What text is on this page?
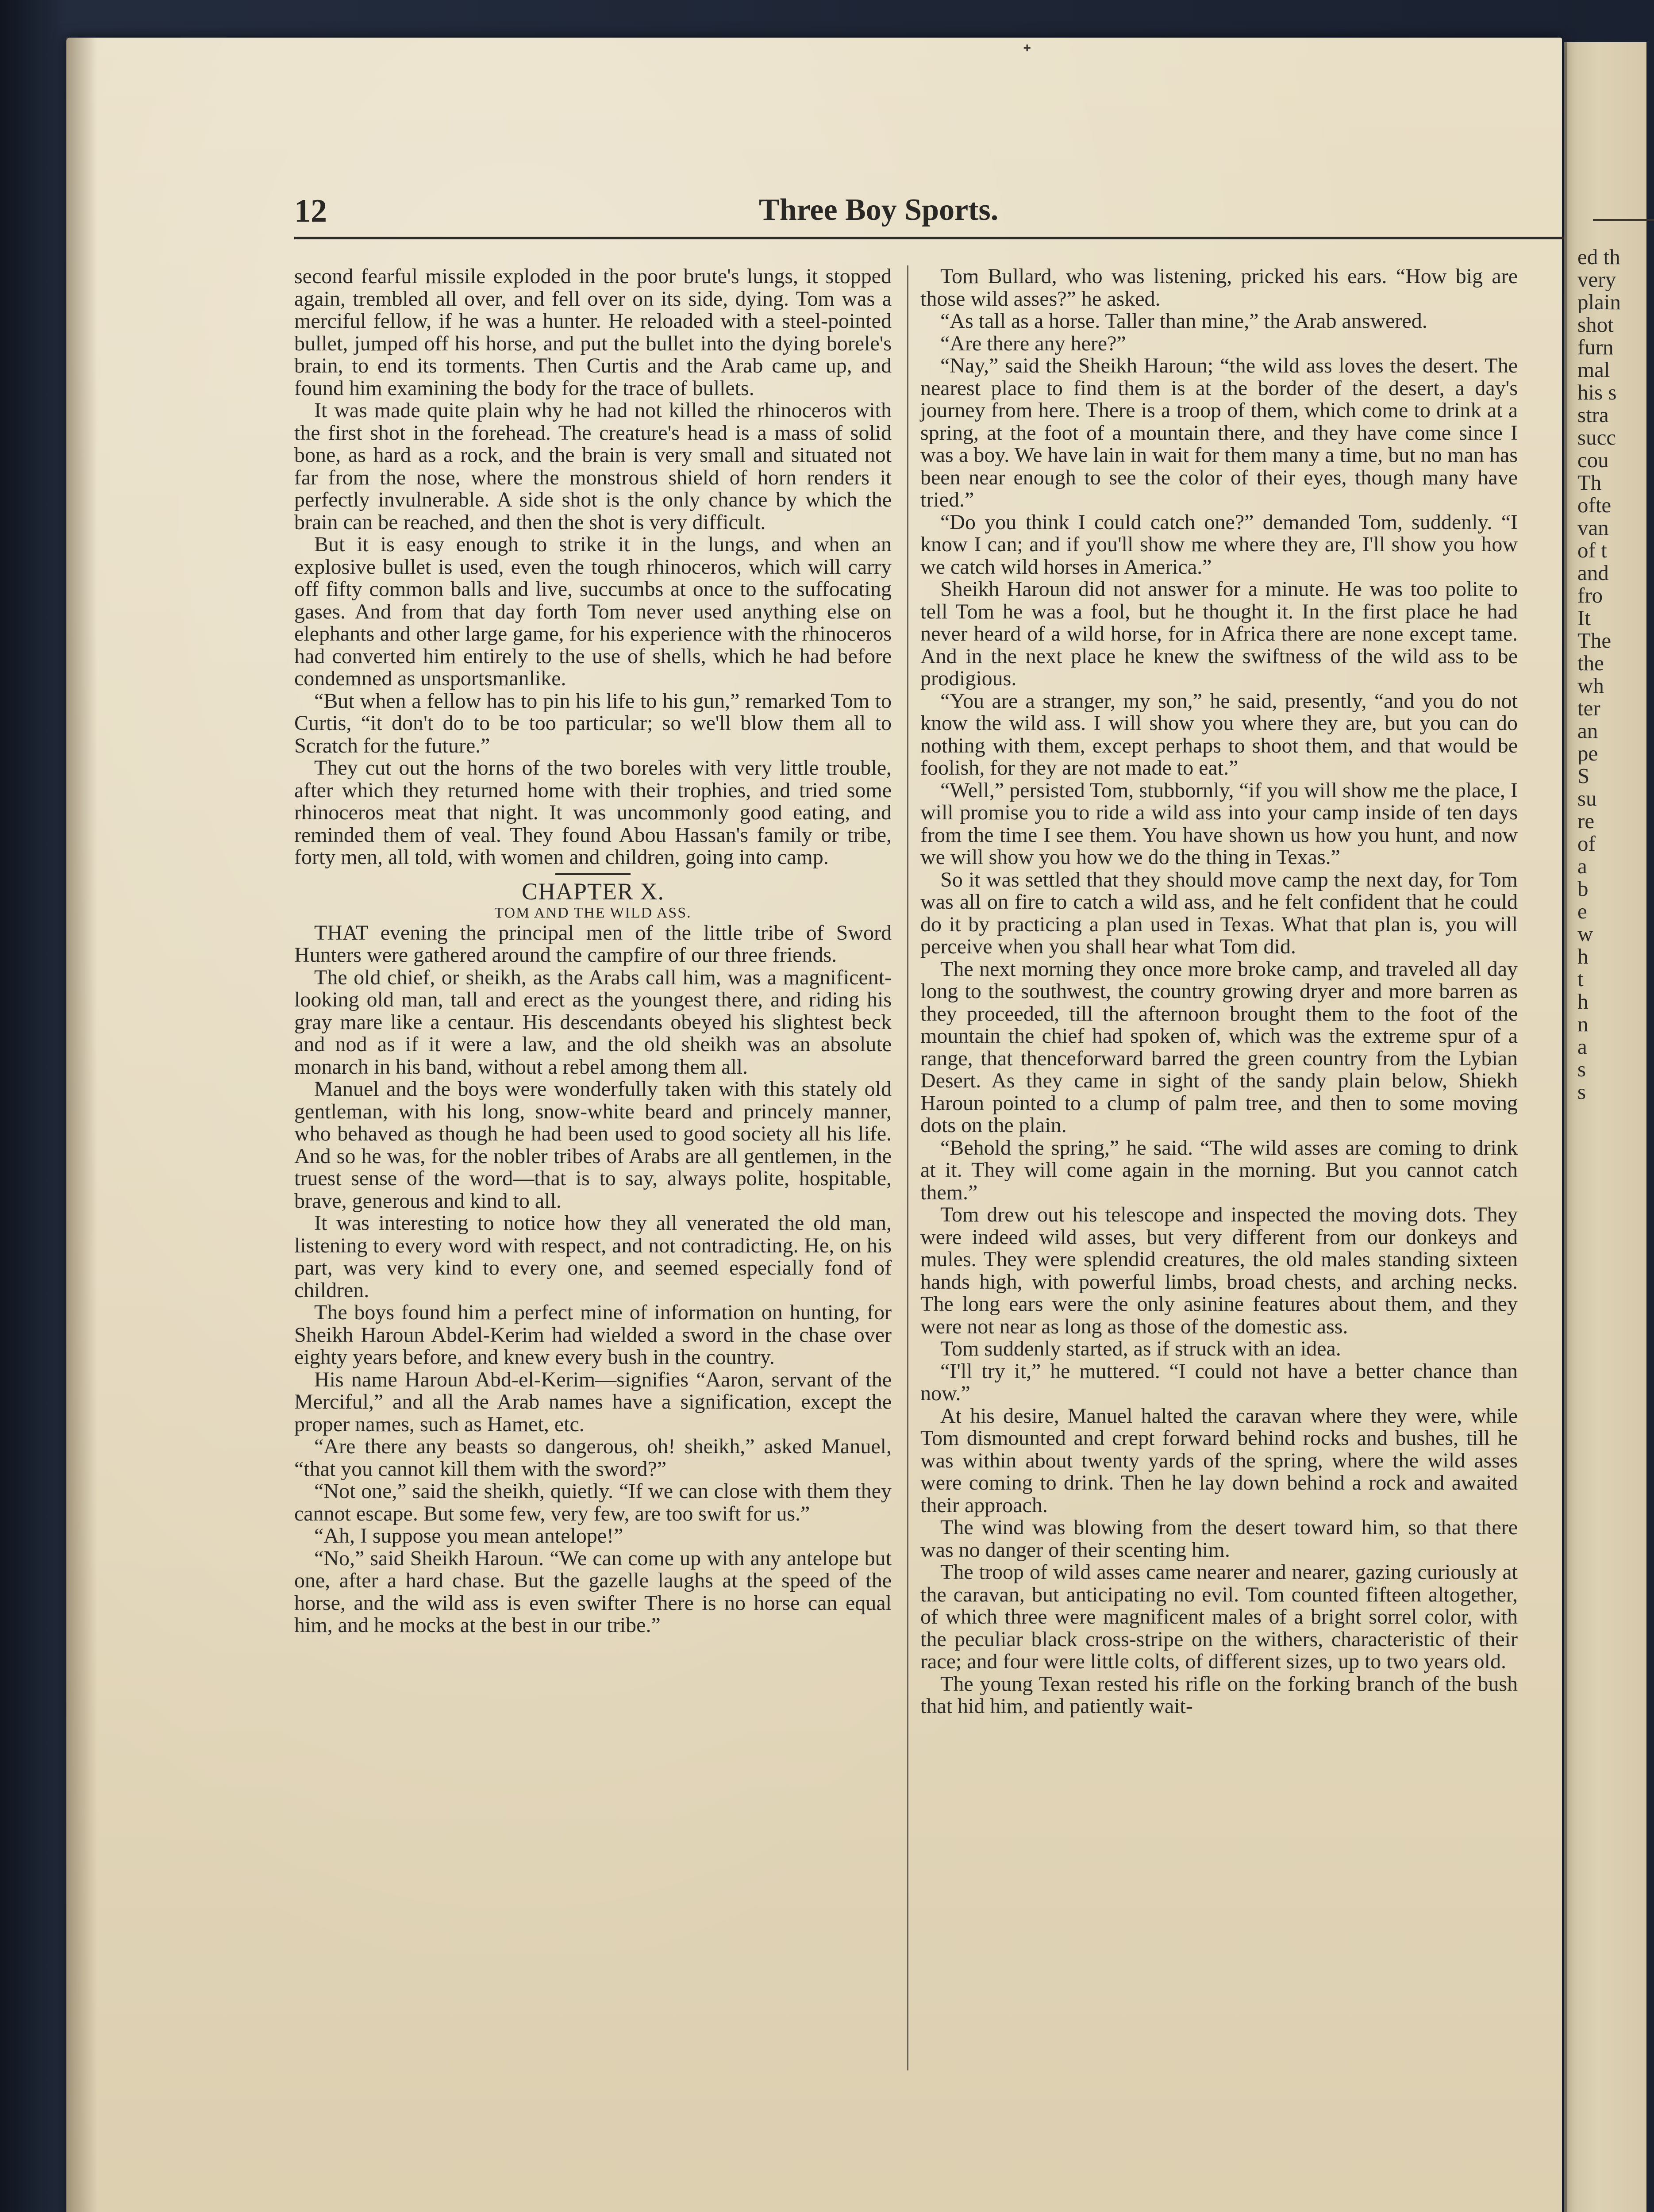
ed th
very
plain
shot
furn
mal
his s
stra
succ
cou
Th
ofte
van
of t
and
fro
It
The
the
wh
ter
an
pe
S
su
re
of
a
b
e
w
h
t
h
n
a
s
s
ᐩ
12	Three Boy Sports.

second fearful missile exploded in the poor brute's lungs, it stopped again, trembled all over, and fell over on its side, dying. Tom was a merciful fellow, if he was a hunter. He reloaded with a steel-pointed bullet, jumped off his horse, and put the bullet into the dying borele's brain, to end its torments. Then Curtis and the Arab came up, and found him examining the body for the trace of bullets.

It was made quite plain why he had not killed the rhinoceros with the first shot in the forehead. The creature's head is a mass of solid bone, as hard as a rock, and the brain is very small and situated not far from the nose, where the monstrous shield of horn renders it perfectly invulnerable. A side shot is the only chance by which the brain can be reached, and then the shot is very difficult.

But it is easy enough to strike it in the lungs, and when an explosive bullet is used, even the tough rhinoceros, which will carry off fifty common balls and live, succumbs at once to the suffocating gases. And from that day forth Tom never used anything else on elephants and other large game, for his experience with the rhinoceros had converted him entirely to the use of shells, which he had before condemned as unsportsmanlike.

“But when a fellow has to pin his life to his gun,” remarked Tom to Curtis, “it don't do to be too particular; so we'll blow them all to Scratch for the future.”

They cut out the horns of the two boreles with very little trouble, after which they returned home with their trophies, and tried some rhinoceros meat that night. It was uncommonly good eating, and reminded them of veal. They found Abou Hassan's family or tribe, forty men, all told, with women and children, going into camp.

CHAPTER X.
TOM AND THE WILD ASS.

THAT evening the principal men of the little tribe of Sword Hunters were gathered around the campfire of our three friends.

The old chief, or sheikh, as the Arabs call him, was a magnificent-looking old man, tall and erect as the youngest there, and riding his gray mare like a centaur. His descendants obeyed his slightest beck and nod as if it were a law, and the old sheikh was an absolute monarch in his band, without a rebel among them all.

Manuel and the boys were wonderfully taken with this stately old gentleman, with his long, snow-white beard and princely manner, who behaved as though he had been used to good society all his life. And so he was, for the nobler tribes of Arabs are all gentlemen, in the truest sense of the word—that is to say, always polite, hospitable, brave, generous and kind to all.

It was interesting to notice how they all venerated the old man, listening to every word with respect, and not contradicting. He, on his part, was very kind to every one, and seemed especially fond of children.

The boys found him a perfect mine of information on hunting, for Sheikh Haroun Abdel-Kerim had wielded a sword in the chase over eighty years before, and knew every bush in the country.

His name Haroun Abd-el-Kerim—signifies “Aaron, servant of the Merciful,” and all the Arab names have a signification, except the proper names, such as Hamet, etc.

“Are there any beasts so dangerous, oh! sheikh,” asked Manuel, “that you cannot kill them with the sword?”

“Not one,” said the sheikh, quietly. “If we can close with them they cannot escape. But some few, very few, are too swift for us.”

“Ah, I suppose you mean antelope!”

“No,” said Sheikh Haroun. “We can come up with any antelope but one, after a hard chase. But the gazelle laughs at the speed of the horse, and the wild ass is even swifter There is no horse can equal him, and he mocks at the best in our tribe.”

Tom Bullard, who was listening, pricked his ears. “How big are those wild asses?” he asked.

“As tall as a horse. Taller than mine,” the Arab answered.

“Are there any here?”

“Nay,” said the Sheikh Haroun; “the wild ass loves the desert. The nearest place to find them is at the border of the desert, a day's journey from here. There is a troop of them, which come to drink at a spring, at the foot of a mountain there, and they have come since I was a boy. We have lain in wait for them many a time, but no man has been near enough to see the color of their eyes, though many have tried.”

“Do you think I could catch one?” demanded Tom, suddenly. “I know I can; and if you'll show me where they are, I'll show you how we catch wild horses in America.”

Sheikh Haroun did not answer for a minute. He was too polite to tell Tom he was a fool, but he thought it. In the first place he had never heard of a wild horse, for in Africa there are none except tame. And in the next place he knew the swiftness of the wild ass to be prodigious.

“You are a stranger, my son,” he said, presently, “and you do not know the wild ass. I will show you where they are, but you can do nothing with them, except perhaps to shoot them, and that would be foolish, for they are not made to eat.”

“Well,” persisted Tom, stubbornly, “if you will show me the place, I will promise you to ride a wild ass into your camp inside of ten days from the time I see them. You have shown us how you hunt, and now we will show you how we do the thing in Texas.”

So it was settled that they should move camp the next day, for Tom was all on fire to catch a wild ass, and he felt confident that he could do it by practicing a plan used in Texas. What that plan is, you will perceive when you shall hear what Tom did.

The next morning they once more broke camp, and traveled all day long to the southwest, the country growing dryer and more barren as they proceeded, till the afternoon brought them to the foot of the mountain the chief had spoken of, which was the extreme spur of a range, that thenceforward barred the green country from the Lybian Desert. As they came in sight of the sandy plain below, Shiekh Haroun pointed to a clump of palm tree, and then to some moving dots on the plain.

“Behold the spring,” he said. “The wild asses are coming to drink at it. They will come again in the morning. But you cannot catch them.”

Tom drew out his telescope and inspected the moving dots. They were indeed wild asses, but very different from our donkeys and mules. They were splendid creatures, the old males standing sixteen hands high, with powerful limbs, broad chests, and arching necks. The long ears were the only asinine features about them, and they were not near as long as those of the domestic ass.

Tom suddenly started, as if struck with an idea.

“I'll try it,” he muttered. “I could not have a better chance than now.”

At his desire, Manuel halted the caravan where they were, while Tom dismounted and crept forward behind rocks and bushes, till he was within about twenty yards of the spring, where the wild asses were coming to drink. Then he lay down behind a rock and awaited their approach.

The wind was blowing from the desert toward him, so that there was no danger of their scenting him.

The troop of wild asses came nearer and nearer, gazing curiously at the caravan, but anticipating no evil. Tom counted fifteen altogether, of which three were magnificent males of a bright sorrel color, with the peculiar black cross-stripe on the withers, characteristic of their race; and four were little colts, of different sizes, up to two years old.

The young Texan rested his rifle on the forking branch of the bush that hid him, and patiently wait-
